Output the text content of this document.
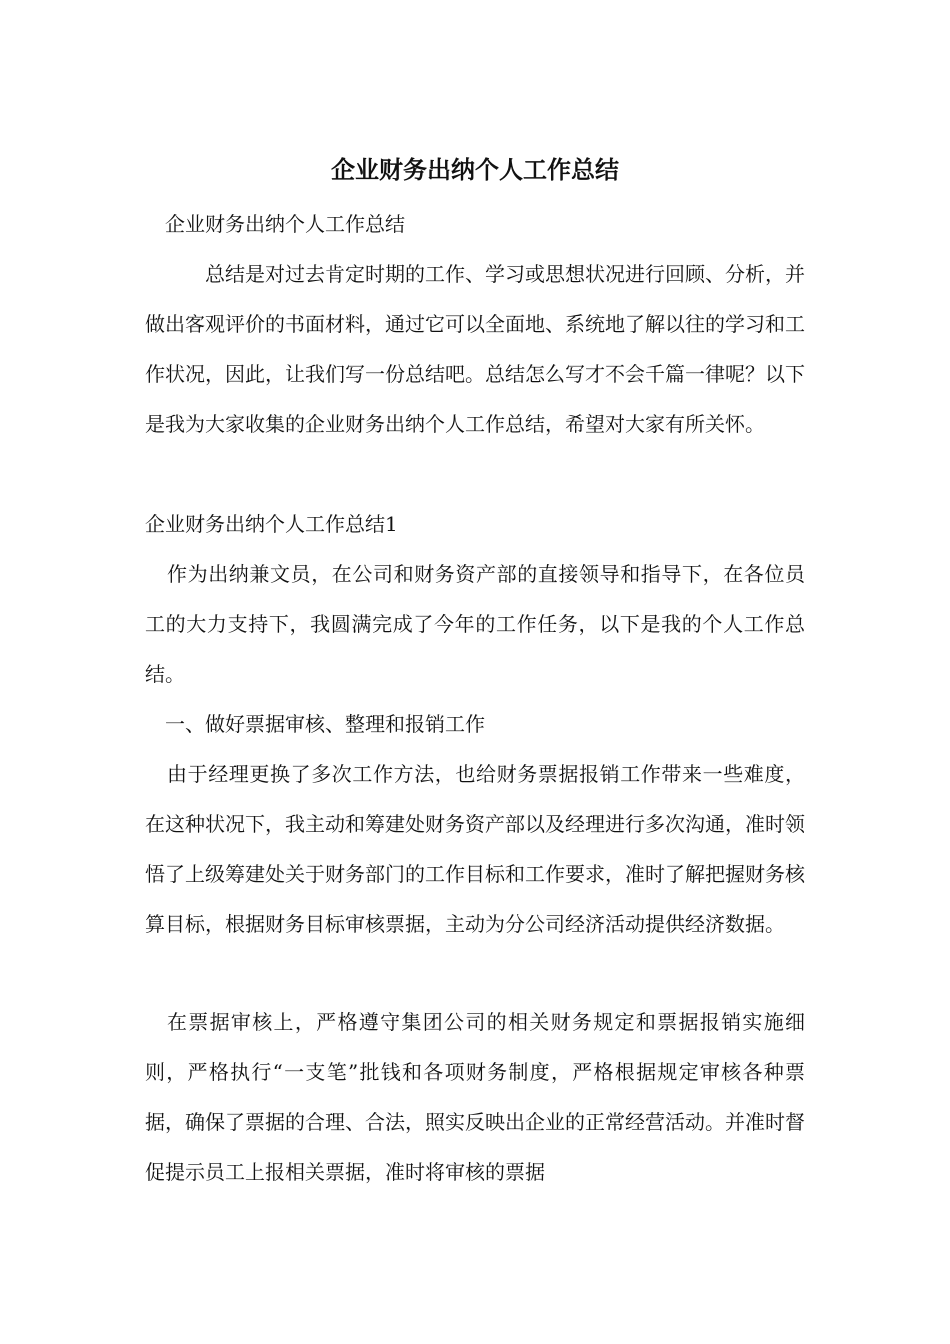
企业财务出纳个人工作总结

企业财务出纳个人工作总结

总结是对过去肯定时期的工作、学习或思想状况进行回顾、分析，并做出客观评价的书面材料，通过它可以全面地、系统地了解以往的学习和工作状况，因此，让我们写一份总结吧。总结怎么写才不会千篇一律呢？以下是我为大家收集的企业财务出纳个人工作总结，希望对大家有所关怀。

企业财务出纳个人工作总结1

作为出纳兼文员，在公司和财务资产部的直接领导和指导下，在各位员工的大力支持下，我圆满完成了今年的工作任务，以下是我的个人工作总结。

一、做好票据审核、整理和报销工作

由于经理更换了多次工作方法，也给财务票据报销工作带来一些难度，在这种状况下，我主动和筹建处财务资产部以及经理进行多次沟通，准时领悟了上级筹建处关于财务部门的工作目标和工作要求，准时了解把握财务核算目标，根据财务目标审核票据，主动为分公司经济活动提供经济数据。

在票据审核上，严格遵守集团公司的相关财务规定和票据报销实施细则，严格执行“一支笔”批钱和各项财务制度，严格根据规定审核各种票据，确保了票据的合理、合法，照实反映出企业的正常经营活动。并准时督促提示员工上报相关票据，准时将审核的票据
